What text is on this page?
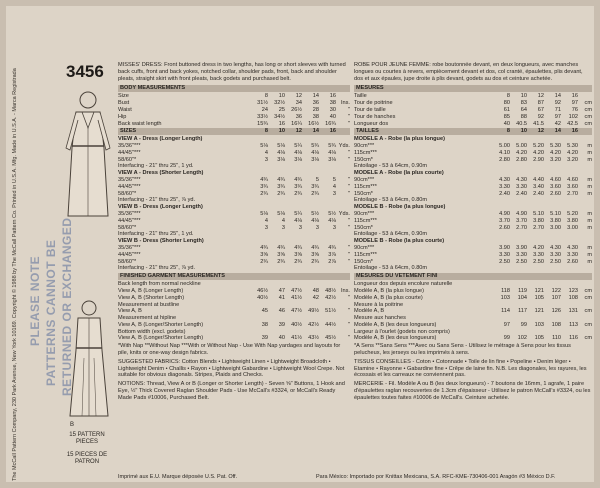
3456
The McCall Pattern Company, 230 Park Avenue, New York 10169. Copyright © 1988 by The McCall Pattern Co. Printed in U.S.A. Mfg. Made in U.S.A. - Marca Registrada	B
PLEASE NOTE PATTERNS CANNOT BE RETURNED OR EXCHANGED
15 PATTERN PIECES
15 PIECES DE PATRON
MISSES' DRESS: Front buttoned dress in two lengths, has long or short sleeves with turned back cuffs, front and back yokes, notched collar, shoulder pads, front, back and shoulder pleats, straight skirt with front pleats, back godets and purchased belt.
BODY MEASUREMENTS
Size	8	10	12	14	16
Bust	31½	32½	34	36	38 Ins.
Waist	24	25	26½	28	30	"
Hip	33½	34½	36	38	40	"
Back waist length	15¾	16	16¼	16½	16¾	"
SIZES	8	10	12	14	16
VIEW A - Dress (Longer Length)
35/36"***	5⅛	5⅛	5¼	5¾	5¾ Yds.
44/45"***	4	4⅛	4⅛	4⅛	4⅛	"
58/60"*	3	3⅛	3⅛	3⅛	3⅛	"
Interfacing - 21" thru 25", 1 yd.
VIEW A - Dress (Shorter Length)
35/36"***	4¾	4¾	4¾	5	5	"
44/45"***	3¾	3¾	3¾	3¾	4	"
58/60"*	2¾	2¾	2¾	2¾	3	"
Interfacing - 21" thru 25", ⅞ yd.
VIEW B - Dress (Longer Length)
35/36"***	5⅛	5⅛	5¼	5½	5½ Yds.
44/45"***	4	4	4⅛	4⅛	4⅛	"
58/60"*	3	3	3	3	3	"
Interfacing - 21" thru 25", 1 yd.
VIEW B - Dress (Shorter Length)
35/36"***	4¾	4¾	4¾	4¾	4¾	"
44/45"***	3⅝	3⅝	3⅝	3⅝	3⅞	"
58/60"*	2¾	2¾	2¾	2¾	2⅞	"
Interfacing - 21" thru 25", ⅞ yd.
FINISHED GARMENT MEASUREMENTS
Back length from normal neckline
View A, B (Longer Length)	46½	47	47½	48	48½ Ins.
View A, B (Shorter Length)	40½	41	41½	42	42½	"
Measurement at bustline
View A, B	45	46	47½	49½	51½	"
Measurement at hipline
View A, B (Longer/Shorter Length)	38	39	40½	42½	44½	"
Bottom width (excl. godets)
View A, B (Longer/Shorter Length)	39	40	41½	43½	45½	"
*With Nap **Without Nap ***With or Without Nap - Use With Nap yardages and layouts for pile, knits or one-way design fabrics.
SUGGESTED FABRICS: Cotton Blends • Lightweight Linen • Lightweight Broadcloth • Lightweight Denim • Challis • Rayon • Lightweight Gabardine • Lightweight Wool Crepe. Not suitable for obvious diagonals. Stripes, Plaids and Checks.
NOTIONS: Thread, View A or B (Longer or Shorter Length) - Seven ⅝" Buttons, 1 Hook and Eye, ½" Thick Covered Raglan Shoulder Pads - Use McCall's #3324, or McCall's Ready Made Pads #10006, Purchased Belt.
ROBE POUR JEUNE FEMME: robe boutonnée devant, en deux longueurs, avec manches longues ou courtes à revers, empiècement devant et dos, col cranté, épaulettes, plis devant, dos et aux épaules, jupe droite à plis devant, godets au dos et ceinture achetée.
MESURES
Taille	8	10	12	14	16
Tour de poitrine	80	83	87	92	97	cm
Tour de taille	61	64	67	71	76	cm
Tour de hanches	85	88	92	97	102	cm
Longueur dos	40	40.5	41.5	42	42.5	cm
TAILLES	8	10	12	14	16
MODELE A - Robe (la plus longue)
90cm***	5.00	5.00	5.20	5.30	5.30	m
115cm***	4.10	4.20	4.20	4.20	4.20	m
150cm*	2.80	2.80	2.90	3.20	3.20	m
Entoilage - 53 à 64cm, 0.90m
MODELE A - Robe (la plus courte)
90cm***	4.30	4.30	4.40	4.60	4.60	m
115cm***	3.30	3.30	3.40	3.60	3.60	m
150cm*	2.40	2.40	2.40	2.60	2.70	m
Entoilage - 53 à 64cm, 0.80m
MODELE B - Robe (la plus longue)
90cm***	4.90	4.90	5.10	5.10	5.20	m
115cm***	3.70	3.70	3.80	3.80	3.80	m
150cm*	2.60	2.70	2.70	3.00	3.00	m
Entoilage - 53 à 64cm, 0.90m
MODELE B - Robe (la plus courte)
90cm***	3.90	3.90	4.20	4.30	4.30	m
115cm***	3.30	3.30	3.30	3.30	3.30	m
150cm*	2.50	2.50	2.50	2.50	2.60	m
Entoilage - 53 à 64cm, 0.80m
MESURES DU VETEMENT FINI
Longueur dos depuis encolure naturelle
Modèle A, B (la plus longue)	118	119	121	122	123	cm
Modèle A, B (la plus courte)	103	104	105	107	108	cm
Mesure à la poitrine
Modèle A, B	114	117	121	126	131	cm
Mesure aux hanches
Modèle A, B (les deux longueurs)	97	99	103	108	113	cm
Largeur à l'ourlet (godets non compris)
Modèle A, B (les deux longueurs)	99	102	105	110	116	cm
*A Sens **Sans Sens ***Avec ou Sans Sens - Utilisez le métrage à Sens pour les tissus pelucheux, les jerseys ou les imprimés à sens.
TISSUS CONSEILLES - Coton • Cotonnade • Toile de lin fine • Popeline • Denim léger • Etamine • Rayonne • Gabardine fine • Crêpe de laine fin. N.B. Les diagonales, les rayures, les écossais et les carreaux ne conviennent pas.
MERCERIE - Fil. Modèle A ou B (les deux longueurs) - 7 boutons de 16mm, 1 agrafe, 1 paire d'épaulettes raglan recouvertes de 1.3cm d'épaisseur - Utilisez le patron McCall's #3324, ou les épaulettes toutes faites #10006 de McCall's. Ceinture achetée.
Imprimé aux E.U. Marque déposée U.S. Pat. Off.	Para México: Importado por Knittax Mexicana, S.A. RFC-KME-730406-001 Aragón #3 México D.F.
